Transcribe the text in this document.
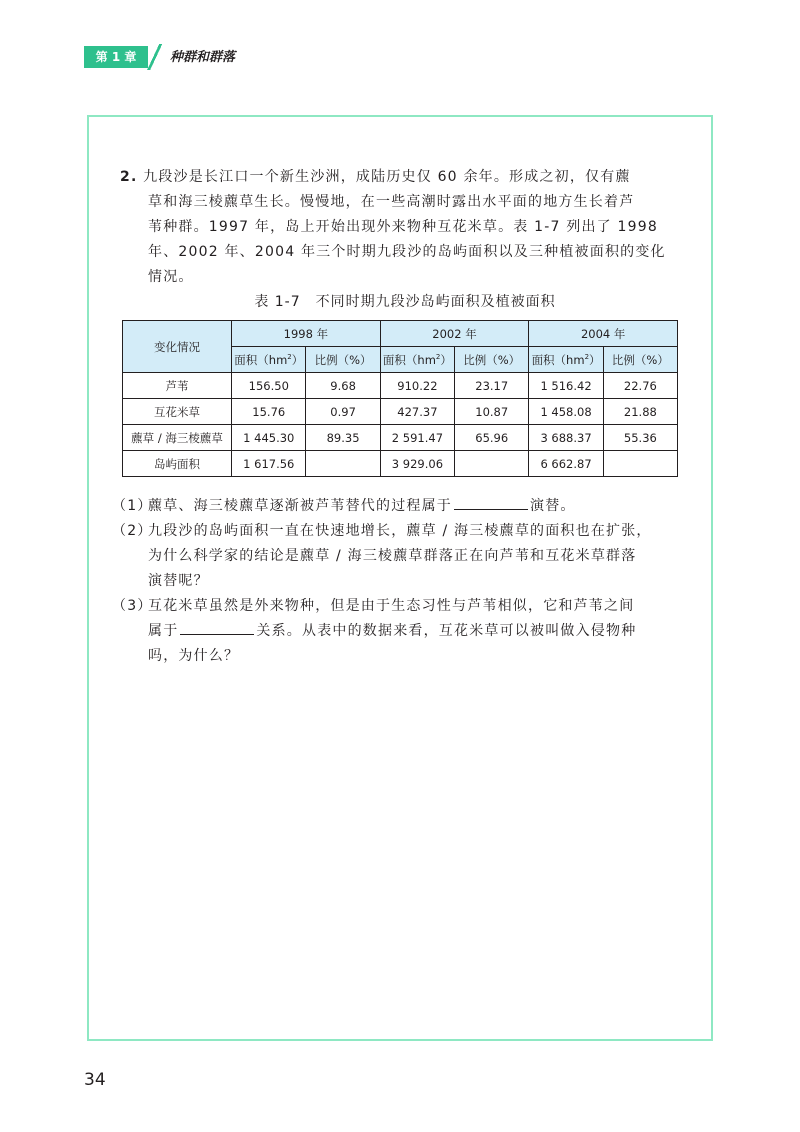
第 1 章	种群和群落
2. 九段沙是长江口一个新生沙洲，成陆历史仅 60 余年。形成之初，仅有藨
草和海三棱藨草生长。慢慢地，在一些高潮时露出水平面的地方生长着芦
苇种群。1997 年，岛上开始出现外来物种互花米草。表 1-7 列出了 1998
年、2002 年、2004 年三个时期九段沙的岛屿面积以及三种植被面积的变化
情况。
表 1-7　不同时期九段沙岛屿面积及植被面积
变化情况	1998 年		2002 年		2004 年	
	面积$(hm^2)$	比例（%）	面积$(hm^2)$	比例（%）	面积$(hm^2)$	比例（%）
芦苇	156.50	9.68	910.22	23.17	1 516.42	22.76
互花米草	15.76	0.97	427.37	10.87	1 458.08	21.88
藨草 / 海三棱藨草	1 445.30	89.35	2 591.47	65.96	3 688.37	55.36
岛屿面积	1 617.56		3 929.06		6 662.87	
（1）藨草、海三棱藨草逐渐被芦苇替代的过程属于	演替。
（2）九段沙的岛屿面积一直在快速地增长，藨草 / 海三棱藨草的面积也在扩张，
为什么科学家的结论是藨草 / 海三棱藨草群落正在向芦苇和互花米草群落
演替呢？
（3）互花米草虽然是外来物种，但是由于生态习性与芦苇相似，它和芦苇之间
属于	关系。从表中的数据来看，互花米草可以被叫做入侵物种
吗，为什么？
34
